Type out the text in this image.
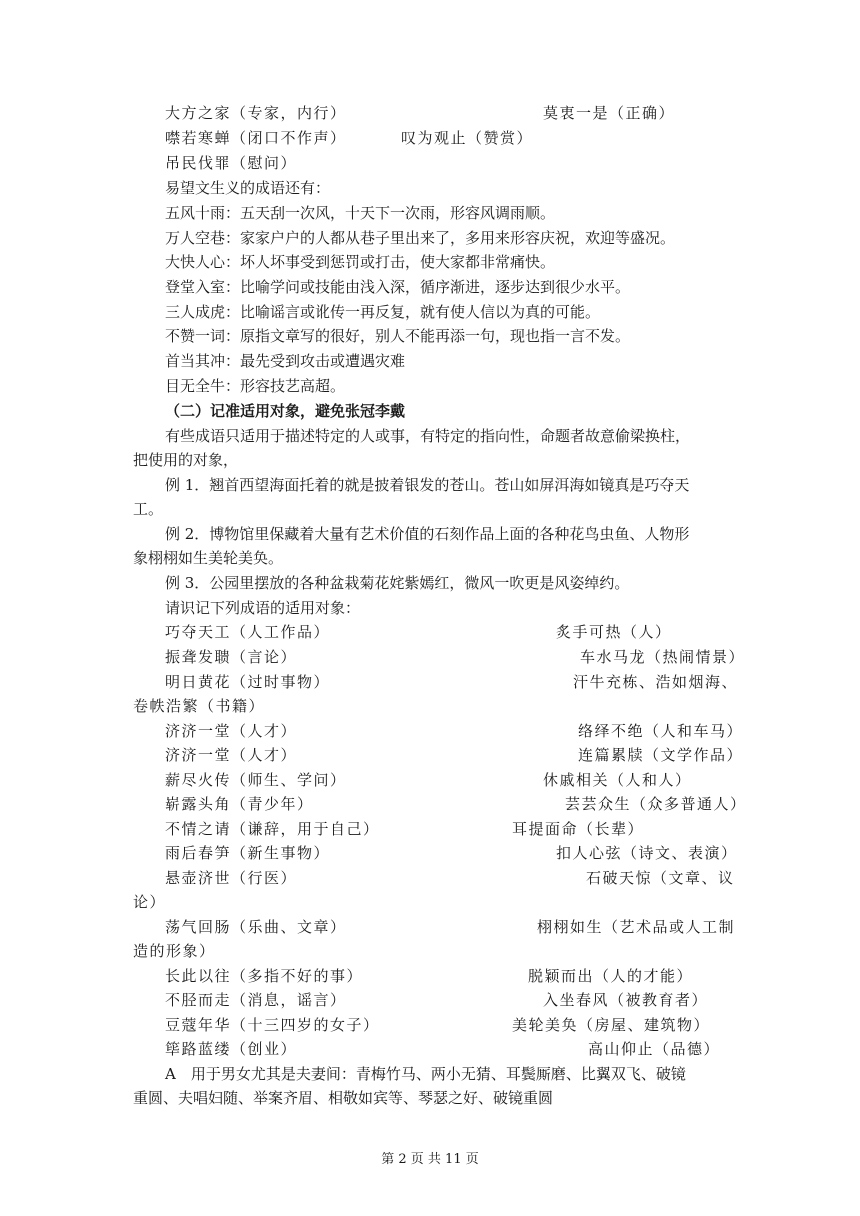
大方之家（专家，内行）	莫衷一是（正确）
噤若寒蝉（闭口不作声）	叹为观止（赞赏）
吊民伐罪（慰问）
易望文生义的成语还有：
五风十雨：五天刮一次风，十天下一次雨，形容风调雨顺。
万人空巷：家家户户的人都从巷子里出来了，多用来形容庆祝，欢迎等盛况。
大快人心：坏人坏事受到惩罚或打击，使大家都非常痛快。
登堂入室：比喻学问或技能由浅入深，循序渐进，逐步达到很少水平。
三人成虎：比喻谣言或讹传一再反复，就有使人信以为真的可能。
不赞一词：原指文章写的很好，别人不能再添一句，现也指一言不发。
首当其冲：最先受到攻击或遭遇灾难
目无全牛：形容技艺高超。
（二）记准适用对象，避免张冠李戴
有些成语只适用于描述特定的人或事，有特定的指向性，命题者故意偷梁换柱，
把使用的对象，
例 1．翘首西望海面托着的就是披着银发的苍山。苍山如屏洱海如镜真是巧夺天
工。
例 2．博物馆里保藏着大量有艺术价值的石刻作品上面的各种花鸟虫鱼、人物形
象栩栩如生美轮美奂。
例 3．公园里摆放的各种盆栽菊花姹紫嫣红，微风一吹更是风姿绰约。
请识记下列成语的适用对象：
巧夺天工（人工作品）	炙手可热（人）
振聋发聩（言论）	车水马龙（热闹情景）
明日黄花（过时事物）	汗牛充栋、浩如烟海、
卷帙浩繁（书籍）
济济一堂（人才）	络绎不绝（人和车马）
济济一堂（人才）	连篇累牍（文学作品）
薪尽火传（师生、学问）	休戚相关（人和人）
崭露头角（青少年）	芸芸众生（众多普通人）
不情之请（谦辞，用于自己）	耳提面命（长辈）
雨后春笋（新生事物）	扣人心弦（诗文、表演）
悬壶济世（行医）	石破天惊（文章、议
论）
荡气回肠（乐曲、文章）	栩栩如生（艺术品或人工制
造的形象）
长此以往（多指不好的事）	脱颖而出（人的才能）
不胫而走（消息，谣言）	入坐春风（被教育者）
豆蔻年华（十三四岁的女子）	美轮美奂（房屋、建筑物）
筚路蓝缕（创业）	高山仰止（品德）
A　用于男女尤其是夫妻间：青梅竹马、两小无猜、耳鬓厮磨、比翼双飞、破镜
重圆、夫唱妇随、举案齐眉、相敬如宾等、琴瑟之好、破镜重圆
第 2 页 共 11 页
